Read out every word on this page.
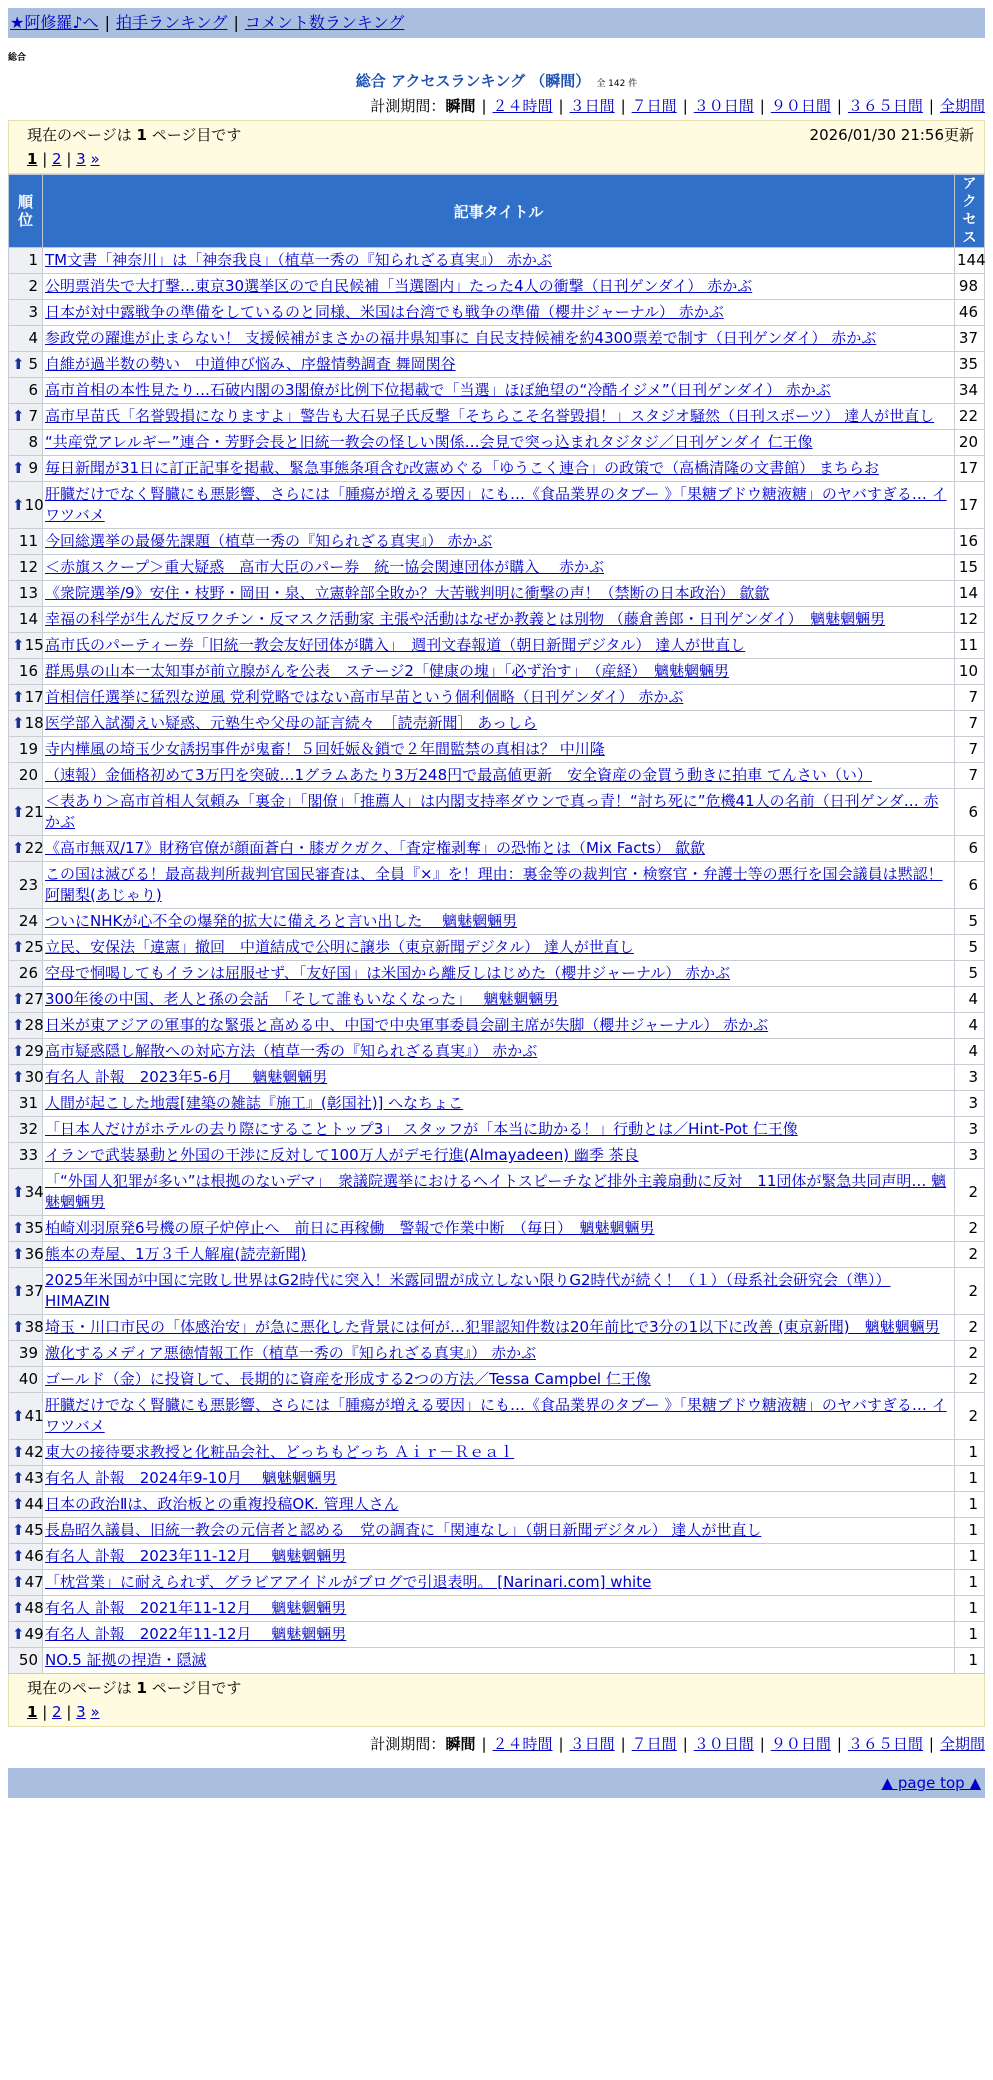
★阿修羅♪へ | 拍手ランキング | コメント数ランキング
総合
総合 アクセスランキング （瞬間） 全 142 件
計測期間：瞬間 | ２４時間 | ３日間 | ７日間 | ３０日間 | ９０日間 | ３６５日間 | 全期間
現在のページは 1 ページ目です	2026/01/30 21:56更新
1 | 2 | 3 »
順位	記事タイトル	アクセス
1	TM文書「神奈川」は「神奈我良」（植草一秀の『知られざる真実』） 赤かぶ	144
2	公明票消失で大打撃…東京30選挙区ので自民候補「当選圏内」たった4人の衝撃（日刊ゲンダイ） 赤かぶ	98
3	日本が対中露戦争の準備をしているのと同様、米国は台湾でも戦争の準備（櫻井ジャーナル） 赤かぶ	46
4	参政党の躍進が止まらない！ 支援候補がまさかの福井県知事に 自民支持候補を約4300票差で制す（日刊ゲンダイ） 赤かぶ	37

⬆ 5	自維が過半数の勢い　中道伸び悩み、序盤情勢調査 舞岡関谷	35
6	高市首相の本性見たり…石破内閣の3閣僚が比例下位掲載で「当選」ほぼ絶望の“冷酷イジメ”（日刊ゲンダイ） 赤かぶ	34

⬆ 7	高市早苗氏「名誉毀損になりますよ」警告も大石晃子氏反撃「そちらこそ名誉毀損！」スタジオ騒然（日刊スポーツ） 達人が世直し	22
8	“共産党アレルギー”連合・芳野会長と旧統一教会の怪しい関係…会見で突っ込まれタジタジ／日刊ゲンダイ 仁王像	20

⬆ 9	毎日新聞が31日に訂正記事を掲載、緊急事態条項含む改憲めぐる「ゆうこく連合」の政策で（高橋清隆の文書館） まちらお	17

⬆ 10	肝臓だけでなく腎臓にも悪影響、さらには「腫瘍が増える要因」にも…《食品業界のタブー 》「果糖ブドウ糖液糖」のヤバすぎる… イワツバメ	17
11	今回総選挙の最優先課題（植草一秀の『知られざる真実』） 赤かぶ	16
12	＜赤旗スクープ＞重大疑惑　高市大臣のパー券　統一協会関連団体が購入　 赤かぶ	15
13	《衆院選挙/9》安住・枝野・岡田・泉、立憲幹部全敗か？大苦戦判明に衝撃の声！（禁断の日本政治） 歙歙	14
14	幸福の科学が生んだ反ワクチン・反マスク活動家 主張や活動はなぜか教義とは別物 （藤倉善郎・日刊ゲンダイ）　魑魅魍魎男	12

⬆ 15	高市氏のパーティー券「旧統一教会友好団体が購入」　週刊文春報道（朝日新聞デジタル） 達人が世直し	11
16	群馬県の山本一太知事が前立腺がんを公表　ステージ2「健康の塊」「必ず治す」　（産経）　魑魅魍魎男	10

⬆ 17	首相信任選挙に猛烈な逆風 党利党略ではない高市早苗という個利個略（日刊ゲンダイ） 赤かぶ	7

⬆ 18	医学部入試濁えい疑惑、元塾生や父母の証言続々　［読売新聞］ あっしら	7
19	寺内樺風の埼玉少女誘拐事件が鬼畜！５回妊娠＆鎖で２年間監禁の真相は？ 中川隆	7
20	（速報）金価格初めて3万円を突破…1グラムあたり3万248円で最高値更新　安全資産の金買う動きに拍車 てんさい（い）	7

⬆ 21	＜表あり＞高市首相人気頼み「裏金」「閣僚」「推薦人」は内閣支持率ダウンで真っ青！“討ち死に”危機41人の名前（日刊ゲンダ… 赤かぶ	6

⬆ 22	《高市無双/17》財務官僚が顔面蒼白・膝ガクガク、「査定権剥奪」の恐怖とは（Mix Facts） 歙歙	6
23	この国は滅びる！最高裁判所裁判官国民審査は、全員『×』を！理由：裏金等の裁判官・検察官・弁護士等の悪行を国会議員は黙認！ 阿闍梨(あじゃり)	6
24	ついにNHKが心不全の爆発的拡大に備えろと言い出した　 魑魅魍魎男	5

⬆ 25	立民、安保法「違憲」撤回　中道結成で公明に譲歩（東京新聞デジタル） 達人が世直し	5
26	空母で恫喝してもイランは屈服せず、「友好国」は米国から離反しはじめた（櫻井ジャーナル） 赤かぶ	5

⬆ 27	300年後の中国、老人と孫の会話　「そして誰もいなくなった」　 魑魅魍魎男	4

⬆ 28	日米が東アジアの軍事的な緊張と高める中、中国で中央軍事委員会副主席が失脚（櫻井ジャーナル） 赤かぶ	4

⬆ 29	高市疑惑隠し解散への対応方法（植草一秀の『知られざる真実』） 赤かぶ	4

⬆ 30	有名人 訃報　2023年5-6月　 魑魅魍魎男	3
31	人間が起こした地震[建築の雑誌『施工』(彰国社)] へなちょこ	3
32	「日本人だけがホテルの去り際にすることトップ3」 スタッフが「本当に助かる！」行動とは／Hint-Pot 仁王像	3
33	イランで武装暴動と外国の干渉に反対して100万人がデモ行進(Almayadeen) 幽季 茶良	3

⬆ 34	「“外国人犯罪が多い”は根拠のないデマ」　衆議院選挙におけるヘイトスピーチなど排外主義扇動に反対　11団体が緊急共同声明… 魑魅魍魎男	2

⬆ 35	柏崎刈羽原発6号機の原子炉停止へ　前日に再稼働　警報で作業中断　（毎日）　魑魅魍魎男	2

⬆ 36	熊本の寿屋、1万３千人解雇(読売新聞)	2

⬆ 37	2025年米国が中国に完敗し世界はG2時代に突入！米露同盟が成立しない限りG2時代が続く！（１）（母系社会研究会（準）） HIMAZIN	2

⬆ 38	埼玉・川口市民の「体感治安」が急に悪化した背景には何が…犯罪認知件数は20年前比で3分の1以下に改善 (東京新聞)　魑魅魍魎男	2
39	激化するメディア悪徳情報工作（植草一秀の『知られざる真実』） 赤かぶ	2
40	ゴールド（金）に投資して、長期的に資産を形成する2つの方法／Tessa Campbel 仁王像	2

⬆ 41	肝臓だけでなく腎臓にも悪影響、さらには「腫瘍が増える要因」にも…《食品業界のタブー 》「果糖ブドウ糖液糖」のヤバすぎる… イワツバメ	2

⬆ 42	東大の接待要求教授と化粧品会社、どっちもどっち Ａｉｒ－Ｒｅａｌ	1

⬆ 43	有名人 訃報　2024年9-10月　 魑魅魍魎男	1

⬆ 44	日本の政治Ⅱは、政治板との重複投稿OK. 管理人さん	1

⬆ 45	長島昭久議員、旧統一教会の元信者と認める　党の調査に「関連なし」（朝日新聞デジタル） 達人が世直し	1

⬆ 46	有名人 訃報　2023年11-12月　 魑魅魍魎男	1

⬆ 47	「枕営業」に耐えられず、グラビアアイドルがブログで引退表明。 [Narinari.com] white	1

⬆ 48	有名人 訃報　2021年11-12月　 魑魅魍魎男	1

⬆ 49	有名人 訃報　2022年11-12月　 魑魅魍魎男	1
50	NO.5 証拠の捏造・隠滅	1
現在のページは 1 ページ目です
1 | 2 | 3 »
計測期間：瞬間 | ２４時間 | ３日間 | ７日間 | ３０日間 | ９０日間 | ３６５日間 | 全期間
▲ page top ▲
